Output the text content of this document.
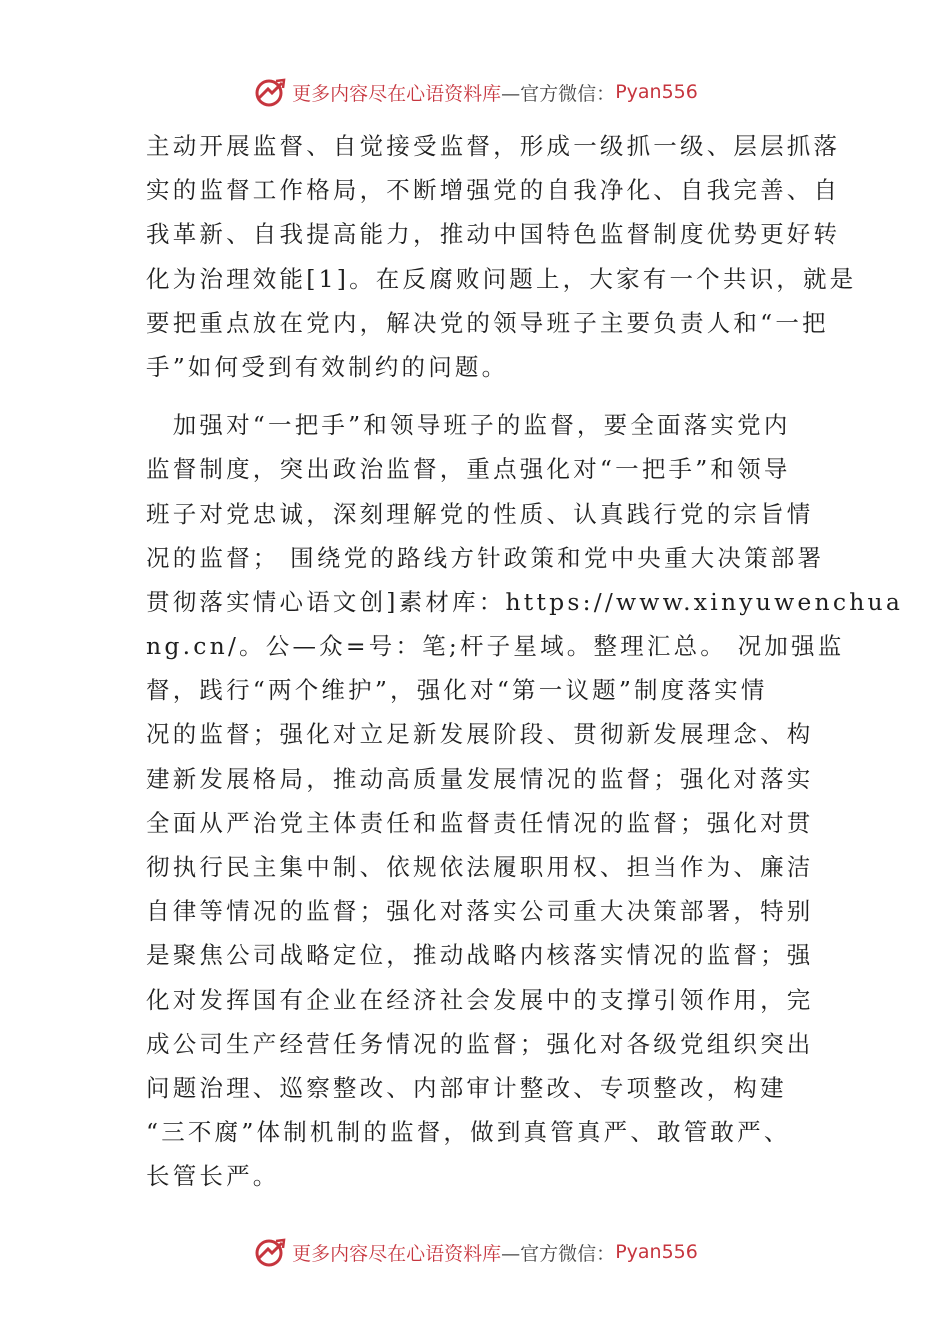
更多内容尽在心语资料库 —官方微信： Pyan556
主动开展监督、自觉接受监督，形成一级抓一级、层层抓落
实的监督工作格局，不断增强党的自我净化、自我完善、自
我革新、自我提高能力，推动中国特色监督制度优势更好转
化为治理效能[1]。在反腐败问题上，大家有一个共识，就是
要把重点放在党内，解决党的领导班子主要负责人和“一把
手”如何受到有效制约的问题。
　加强对“一把手”和领导班子的监督，要全面落实党内
监督制度，突出政治监督，重点强化对“一把手”和领导
班子对党忠诚，深刻理解党的性质、认真践行党的宗旨情
况的监督； 围绕党的路线方针政策和党中央重大决策部署
贯彻落实情心语文创]素材库：https://www.xinyuwenchua
ng.cn/。公—众=号：笔;杆子星域。整理汇总。 况加强监
督，践行“两个维护”，强化对“第一议题”制度落实情
况的监督；强化对立足新发展阶段、贯彻新发展理念、构
建新发展格局，推动高质量发展情况的监督；强化对落实
全面从严治党主体责任和监督责任情况的监督；强化对贯
彻执行民主集中制、依规依法履职用权、担当作为、廉洁
自律等情况的监督；强化对落实公司重大决策部署，特别
是聚焦公司战略定位，推动战略内核落实情况的监督；强
化对发挥国有企业在经济社会发展中的支撑引领作用，完
成公司生产经营任务情况的监督；强化对各级党组织突出
问题治理、巡察整改、内部审计整改、专项整改，构建
“三不腐”体制机制的监督，做到真管真严、敢管敢严、
长管长严。
更多内容尽在心语资料库 —官方微信： Pyan556
